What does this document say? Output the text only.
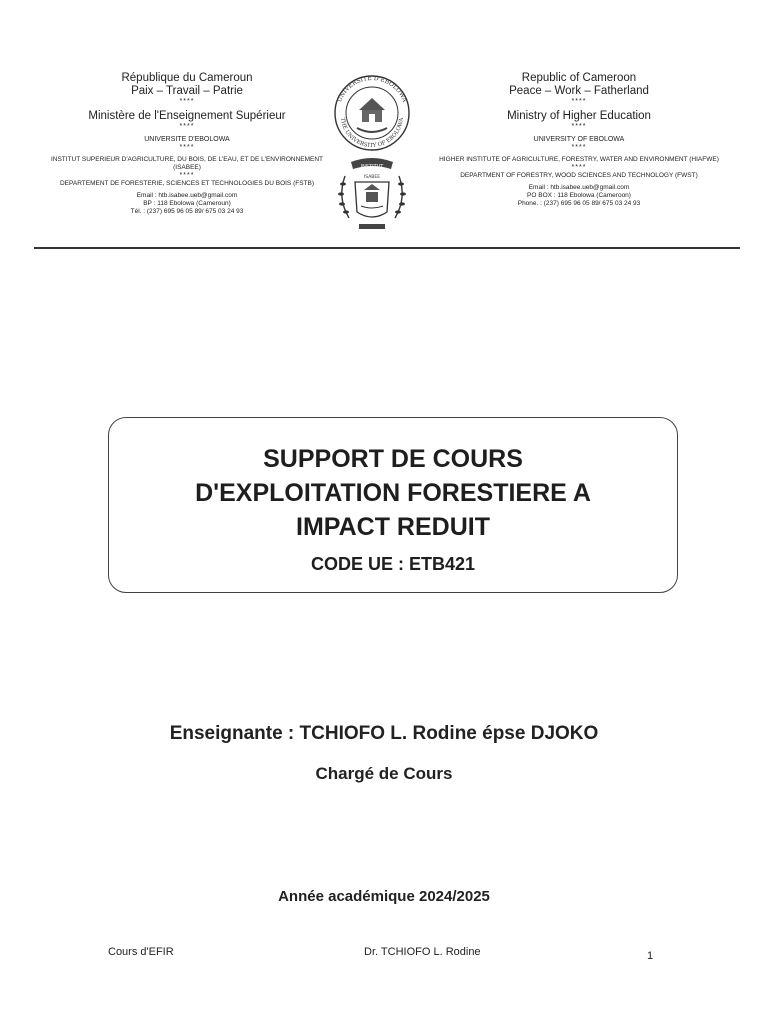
République du Cameroun
Paix – Travail – Patrie
****
Ministère de l'Enseignement Supérieur
****
UNIVERSITE D'EBOLOWA
****
INSTITUT SUPERIEUR D'AGRICULTURE, DU BOIS, DE L'EAU, ET DE L'ENVIRONNEMENT (ISABEE)
****
DEPARTEMENT DE FORESTERIE, SCIENCES ET TECHNOLOGIES DU BOIS (FSTB)
Email : htb.isabee.ueb@gmail.com
BP : 118 Ebolowa (Cameroun)
Tél. : (237) 695 96 05 89/ 675 03 24 93
UNIVERSITE D'EBOLOWA
THE UNIVERSITY OF EBOLOWA
INSTITUT
ISABEE
Republic of Cameroon
Peace – Work – Fatherland
****
Ministry of Higher Education
****
UNIVERSITY OF EBOLOWA
****
HIGHER INSTITUTE OF AGRICULTURE, FORESTRY, WATER AND ENVIRONMENT (HIAFWE)
****
DEPARTMENT OF FORESTRY, WOOD SCIENCES AND TECHNOLOGY (FWST)
Email : htb.isabee.ueb@gmail.com
PO BOX : 118 Ebolowa (Cameroon)
Phone. : (237) 695 96 05 89/ 675 03 24 93
SUPPORT DE COURS
D'EXPLOITATION FORESTIERE A
IMPACT REDUIT
CODE UE : ETB421
Enseignante : TCHIOFO L. Rodine épse DJOKO
Chargé de Cours
Année académique 2024/2025
Cours d'EFIR	Dr. TCHIOFO L. Rodine	1
